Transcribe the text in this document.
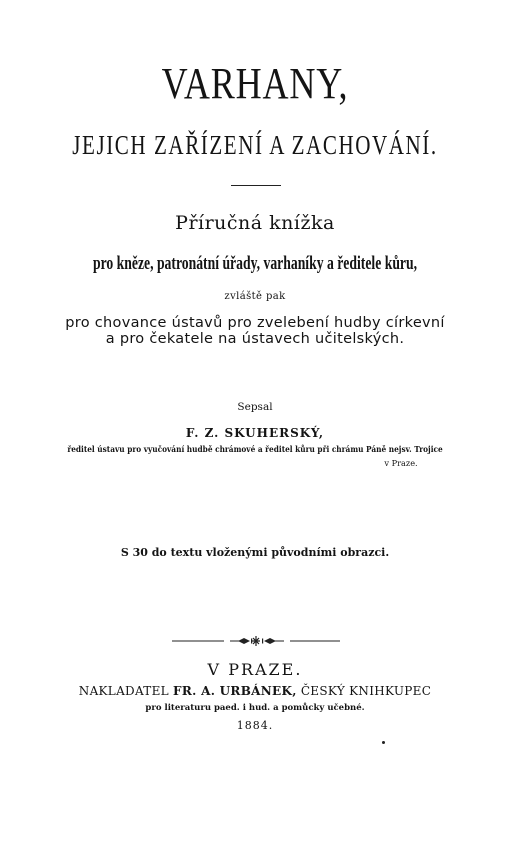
VARHANY,
JEJICH ZAŘÍZENÍ A ZACHOVÁNÍ.
Příručná knížka
pro kněze, patronátní úřady, varhaníky a ředitele kůru,
zvláště pak
pro chovance ústavů pro zvelebení hudby církevní
a pro čekatele na ústavech učitelských.
Sepsal
F. Z. SKUHERSKÝ,
ředitel ústavu pro vyučování hudbě chrámové a ředitel kůru při chrámu Páně nejsv. Trojice
v Praze.
S 30 do textu vloženými původními obrazci.
V PRAZE.
NAKLADATEL FR. A. URBÁNEK, ČESKÝ KNIHKUPEC
pro literaturu paed. i hud. a pomůcky učebné.
1884.
